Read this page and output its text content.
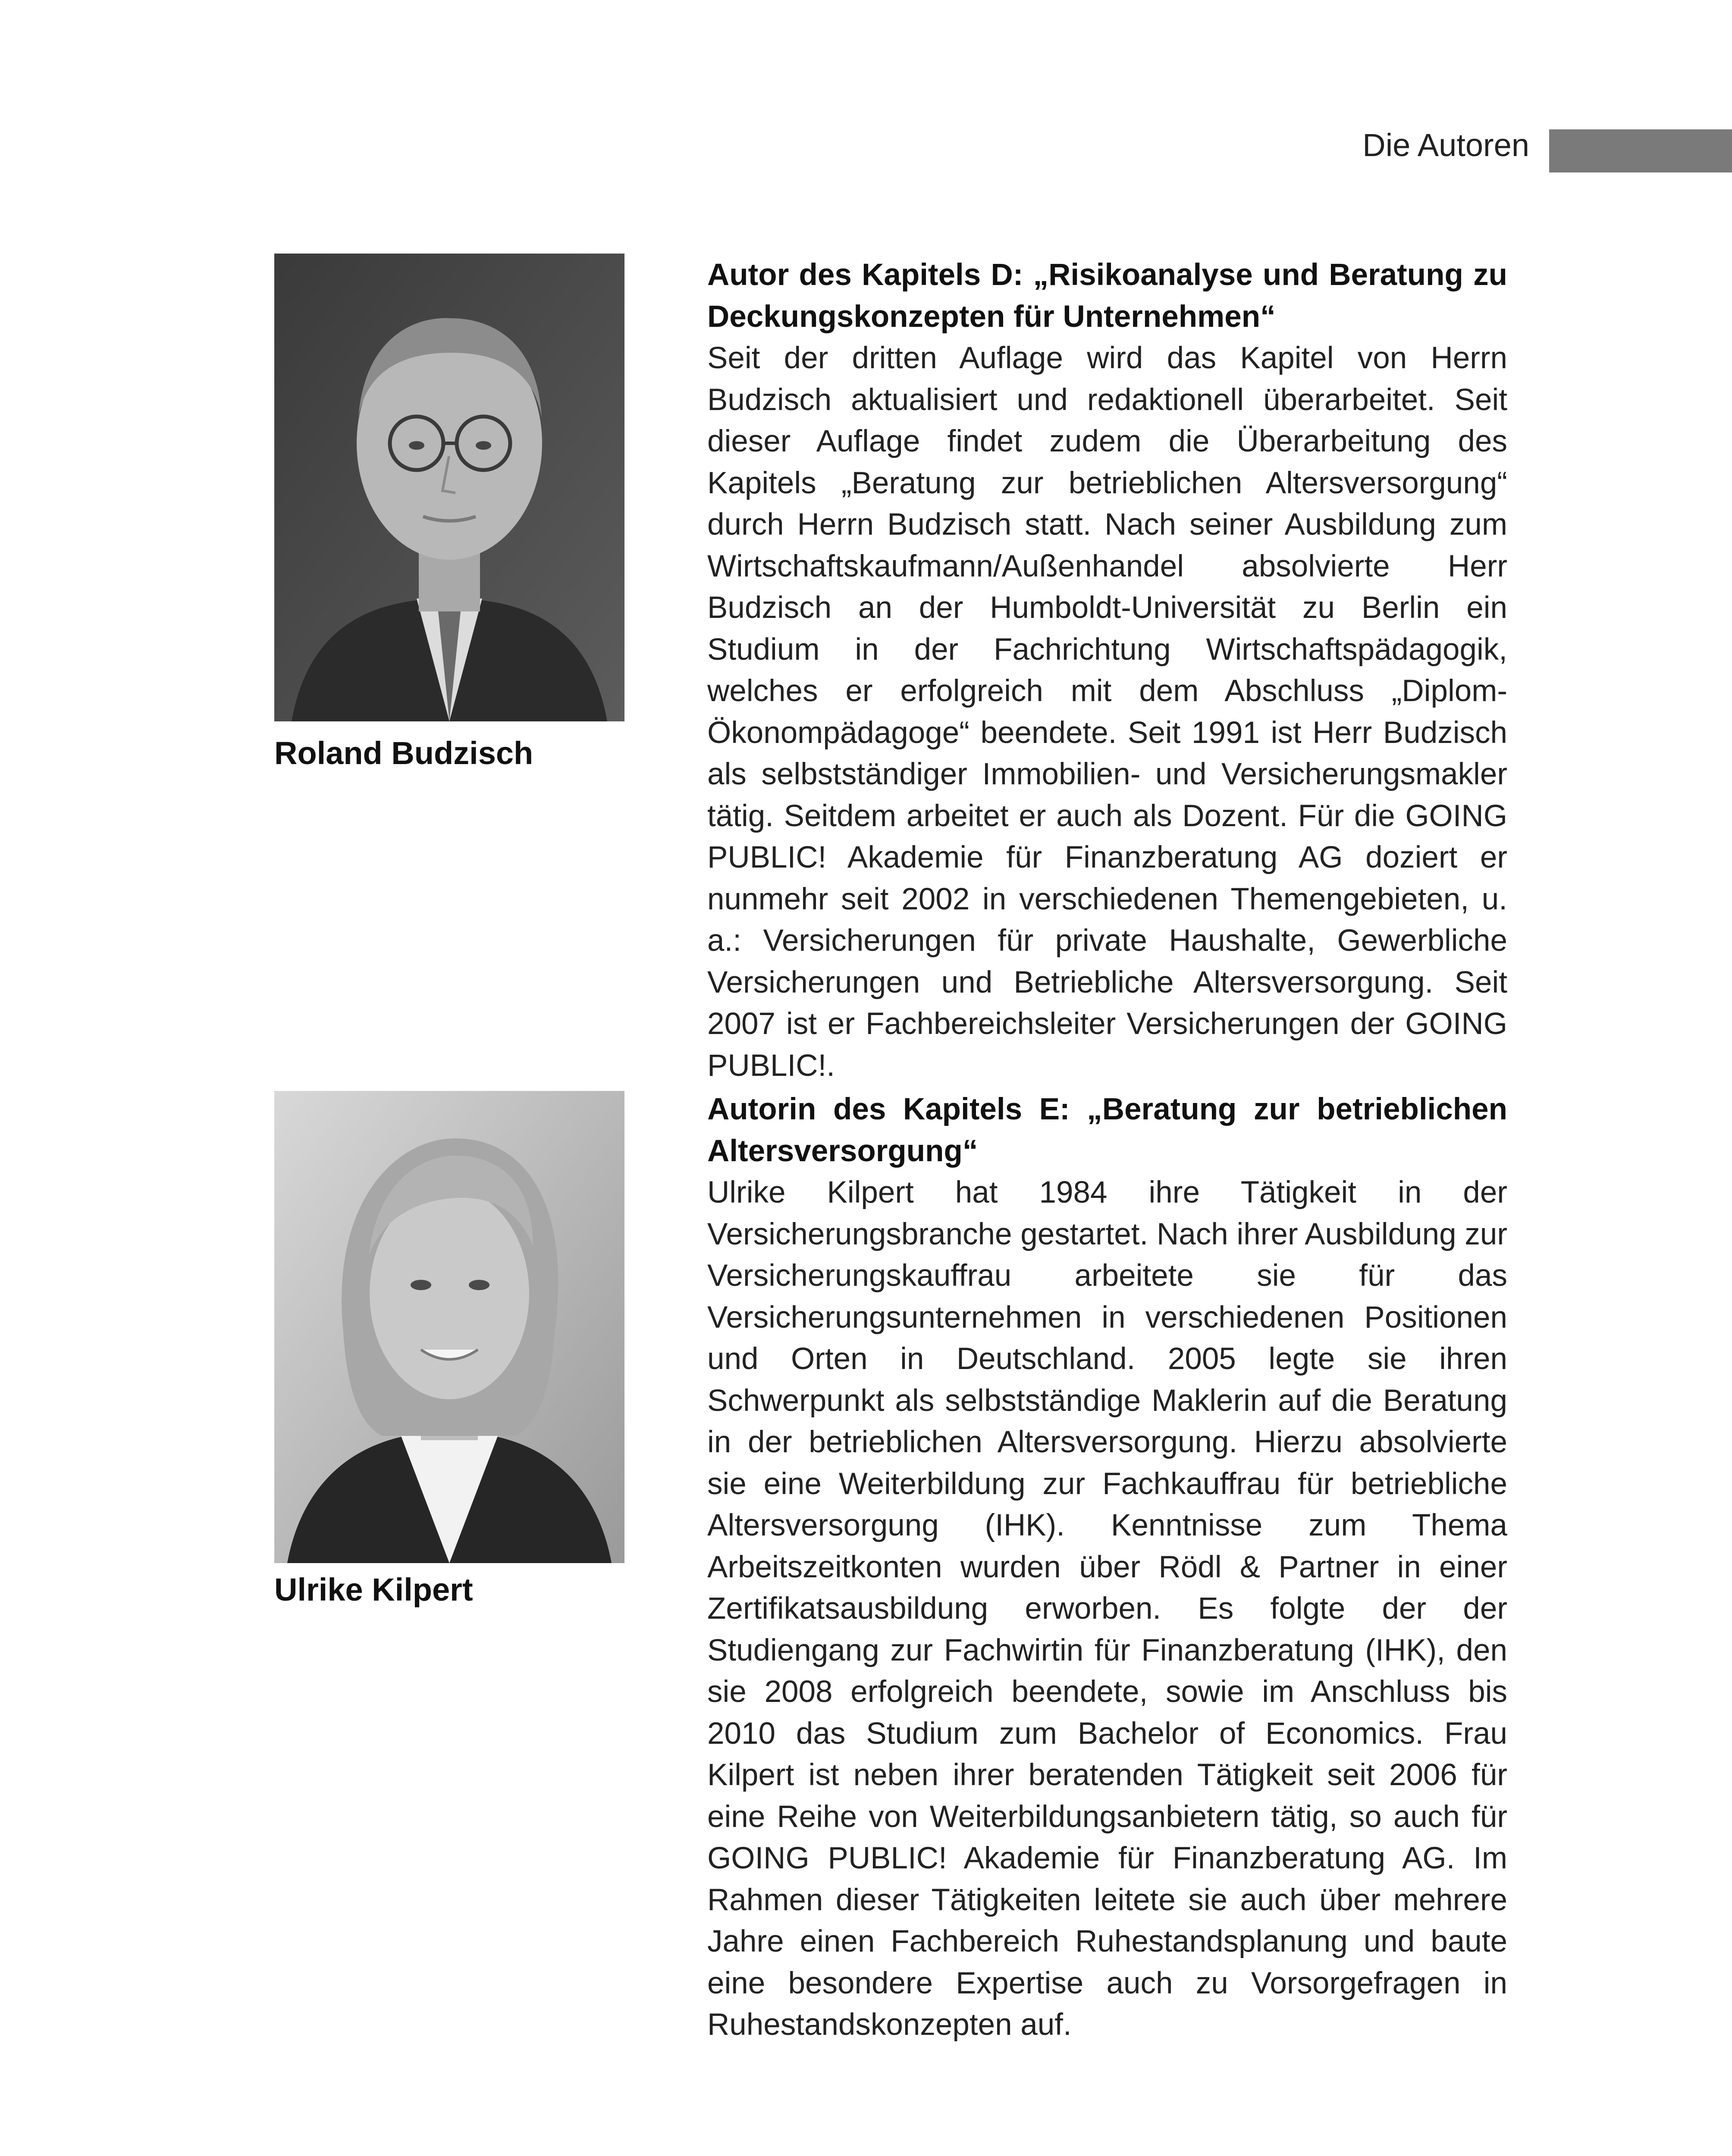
Die Autoren
Roland Budzisch
Autor des Kapitels D: „Risikoanalyse und Beratung zu Deckungskonzepten für Unternehmen“

Seit der dritten Auflage wird das Kapitel von Herrn Budzisch aktualisiert und redaktionell überarbeitet. Seit dieser Auflage findet zudem die Überarbeitung des Kapitels „Beratung zur betrieblichen Altersversorgung“ durch Herrn Budzisch statt. Nach seiner Ausbildung zum Wirtschaftskaufmann/Außenhandel absolvierte Herr Budzisch an der Humboldt-Universität zu Berlin ein Studium in der Fachrichtung Wirtschaftspädagogik, welches er erfolgreich mit dem Abschluss „Diplom-Ökonompädagoge“ beendete. Seit 1991 ist Herr Budzisch als selbstständiger Immobilien- und Versicherungsmakler tätig. Seitdem arbeitet er auch als Dozent. Für die GOING PUBLIC! Akademie für Finanzberatung AG doziert er nunmehr seit 2002 in verschiedenen Themengebieten, u. a.: Versicherungen für private Haushalte, Gewerbliche Versicherungen und Betriebliche Altersversorgung. Seit 2007 ist er Fachbereichsleiter Versicherungen der GOING PUBLIC!.

Ulrike Kilpert
Autorin des Kapitels E: „Beratung zur betrieblichen Altersversorgung“

Ulrike Kilpert hat 1984 ihre Tätigkeit in der Versicherungsbranche gestartet. Nach ihrer Ausbildung zur Versicherungskauffrau arbeitete sie für das Versicherungsunternehmen in verschiedenen Positionen und Orten in Deutschland. 2005 legte sie ihren Schwerpunkt als selbstständige Maklerin auf die Beratung in der betrieblichen Altersversorgung. Hierzu absolvierte sie eine Weiterbildung zur Fachkauffrau für betriebliche Altersversorgung (IHK). Kenntnisse zum Thema Arbeitszeitkonten wurden über Rödl & Partner in einer Zertifikatsausbildung erworben. Es folgte der der Studiengang zur Fachwirtin für Finanzberatung (IHK), den sie 2008 erfolgreich beendete, sowie im Anschluss bis 2010 das Studium zum Bachelor of Economics. Frau Kilpert ist neben ihrer beratenden Tätigkeit seit 2006 für eine Reihe von Weiterbildungsanbietern tätig, so auch für GOING PUBLIC! Akademie für Finanzberatung AG. Im Rahmen dieser Tätigkeiten leitete sie auch über mehrere Jahre einen Fachbereich Ruhestandsplanung und baute eine besondere Expertise auch zu Vorsorgefragen in Ruhestandskonzepten auf.
